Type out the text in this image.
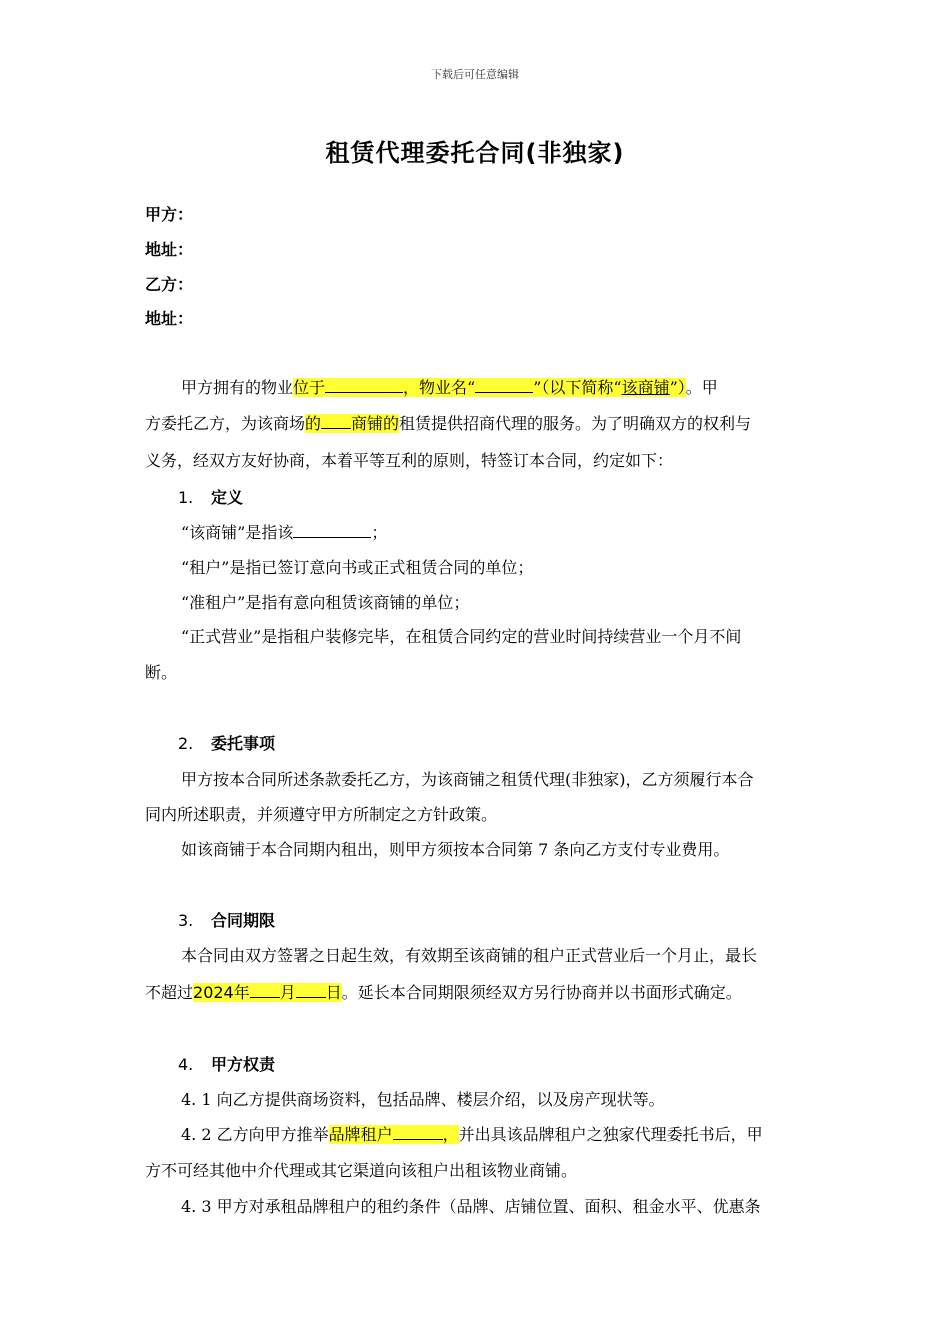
下载后可任意编辑
租赁代理委托合同(非独家)
甲方：
地址：
乙方：
地址：
甲方拥有的物业位于	，物业名“	”（以下简称“该商铺”）。甲
方委托乙方，为该商场的 商铺的租赁提供招商代理的服务。为了明确双方的权利与
义务，经双方友好协商，本着平等互利的原则，特签订本合同，约定如下：
1. 定义
“该商铺”是指该	；
“租户”是指已签订意向书或正式租赁合同的单位；
“准租户”是指有意向租赁该商铺的单位；
“正式营业”是指租户装修完毕，在租赁合同约定的营业时间持续营业一个月不间
断。
2. 委托事项
甲方按本合同所述条款委托乙方，为该商铺之租赁代理(非独家)，乙方须履行本合
同内所述职责，并须遵守甲方所制定之方针政策。
如该商铺于本合同期内租出，则甲方须按本合同第 7 条向乙方支付专业费用。
3. 合同期限
本合同由双方签署之日起生效，有效期至该商铺的租户正式营业后一个月止，最长
不超过2024年 月 日。延长本合同期限须经双方另行协商并以书面形式确定。
4. 甲方权责
4. 1 向乙方提供商场资料，包括品牌、楼层介绍，以及房产现状等。
4. 2 乙方向甲方推举品牌租户	，并出具该品牌租户之独家代理委托书后，甲
方不可经其他中介代理或其它渠道向该租户出租该物业商铺。
4. 3 甲方对承租品牌租户的租约条件（品牌、店铺位置、面积、租金水平、优惠条
